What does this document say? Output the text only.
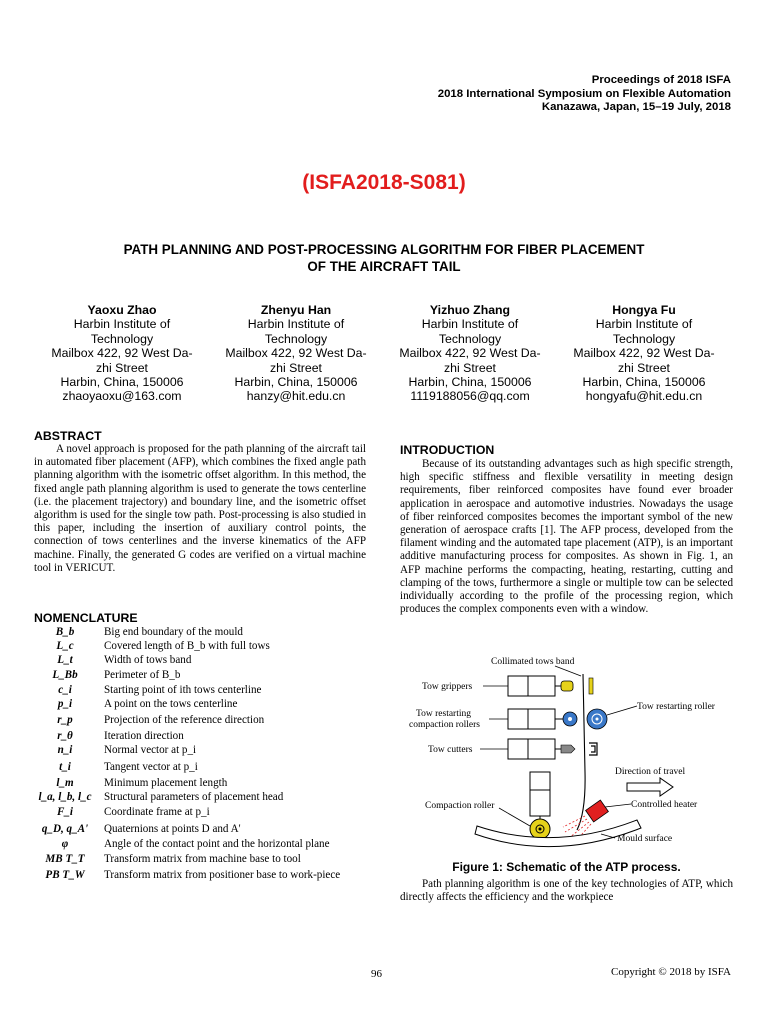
Proceedings of 2018 ISFA
2018 International Symposium on Flexible Automation
Kanazawa, Japan, 15–19 July, 2018
(ISFA2018-S081)
PATH PLANNING AND POST-PROCESSING ALGORITHM FOR FIBER PLACEMENT
OF THE AIRCRAFT TAIL
Yaoxu Zhao
Harbin Institute of
Technology
Mailbox 422, 92 West Da-
zhi Street
Harbin, China, 150006
zhaoyaoxu@163.com
Zhenyu Han
Harbin Institute of
Technology
Mailbox 422, 92 West Da-
zhi Street
Harbin, China, 150006
hanzy@hit.edu.cn
Yizhuo Zhang
Harbin Institute of
Technology
Mailbox 422, 92 West Da-
zhi Street
Harbin, China, 150006
1119188056@qq.com
Hongya Fu
Harbin Institute of
Technology
Mailbox 422, 92 West Da-
zhi Street
Harbin, China, 150006
hongyafu@hit.edu.cn
ABSTRACT
A novel approach is proposed for the path planning of the aircraft tail in automated fiber placement (AFP), which combines the fixed angle path planning algorithm with the isometric offset algorithm. In this method, the fixed angle path planning algorithm is used to generate the tows centerline (i.e. the placement trajectory) and boundary line, and the isometric offset algorithm is used for the single tow path. Post-processing is also studied in this paper, including the insertion of auxiliary control points, the connection of tows centerlines and the inverse kinematics of the AFP machine. Finally, the generated G codes are verified on a virtual machine tool in VERICUT.
NOMENCLATURE
B_b	Big end boundary of the mould
L_c	Covered length of B_b with full tows
L_t	Width of tows band
L_Bb	Perimeter of B_b
c_i	Starting point of ith tows centerline
p_i	A point on the tows centerline
r_p	Projection of the reference direction
r_θ	Iteration direction
n_i	Normal vector at p_i
t_i	Tangent vector at p_i
l_m	Minimum placement length
l_a, l_b, l_c	Structural parameters of placement head
F_i	Coordinate frame at p_i
q_D, q_A'	Quaternions at points D and A'
φ	Angle of the contact point and the horizontal plane
MB T_T	Transform matrix from machine base to tool
PB T_W	Transform matrix from positioner base to work-piece
INTRODUCTION
Because of its outstanding advantages such as high specific strength, high specific stiffness and flexible versatility in meeting design requirements, fiber reinforced composites have found ever broader application in aerospace and automotive industries. Nowadays the usage of fiber reinforced composites becomes the important symbol of the new generation of aerospace crafts [1]. The AFP process, developed from the filament winding and the automated tape placement (ATP), is an important additive manufacturing process for composites. As shown in Fig. 1, an AFP machine performs the compacting, heating, restarting, cutting and clamping of the tows, furthermore a single or multiple tow can be selected individually according to the profile of the processing region, which produces the complex components even with a window.
Collimated tows band
Tow grippers
Tow restarting
compaction rollers
Tow cutters
Tow restarting roller
Direction of travel
Compaction roller	Controlled heater
Mould surface
Figure 1: Schematic of the ATP process.
Path planning algorithm is one of the key technologies of ATP, which directly affects the efficiency and the workpiece
96	Copyright © 2018 by ISFA
